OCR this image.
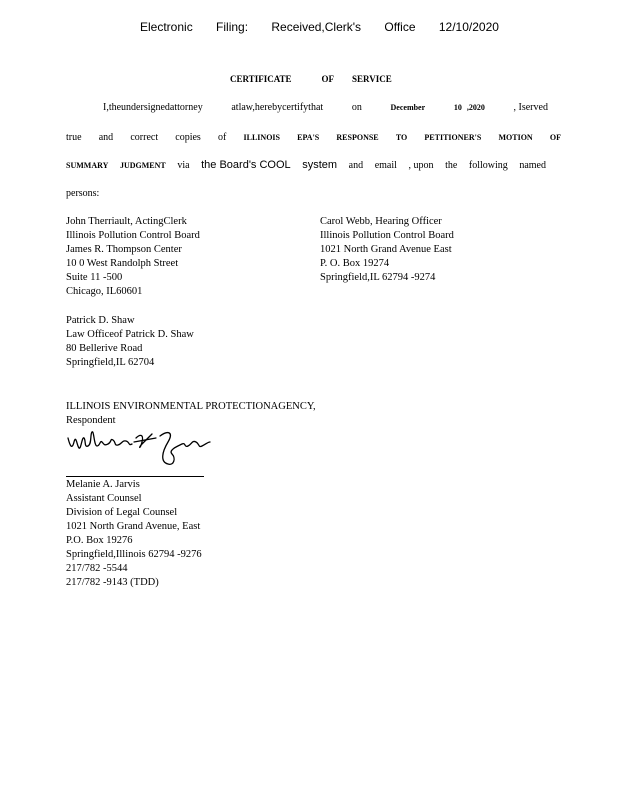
Electronic Filing: Received,Clerk's Office 12/10/2020
CERTIFICATE	OF SERVICE
I,theundersignedattorney	atlaw,herebycertifythat	on	December	10 ,2020	, Iserved
true and correct copies of ILLINOIS EPA'S RESPONSE TO PETITIONER'S MOTION OF
SUMMARY JUDGMENT via the Board's COOL system and email , upon the following named
persons:
John Therriault, ActingClerk
Illinois Pollution Control Board
James R. Thompson Center
10 0 West Randolph Street
Suite 11 -500
Chicago, IL60601
Carol Webb, Hearing Officer
Illinois Pollution Control Board
1021 North Grand Avenue East
P. O. Box 19274
Springfield,IL 62794 -9274
Patrick D. Shaw
Law Officeof Patrick D. Shaw
80 Bellerive Road
Springfield,IL 62704
ILLINOIS ENVIRONMENTAL PROTECTIONAGENCY,
Respondent
Melanie A. Jarvis
Assistant Counsel
Division of Legal Counsel
1021 North Grand Avenue, East
P.O. Box 19276
Springfield,Illinois 62794 -9276
217/782 -5544
217/782 -9143 (TDD)
